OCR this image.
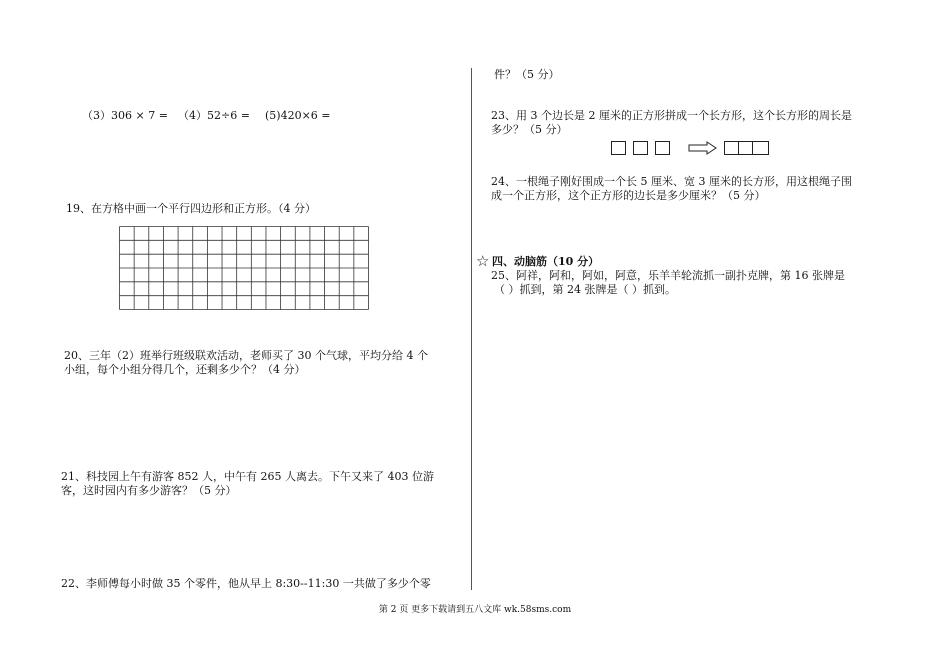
（3）306 × 7 = （4）52÷6 = (5)420×6 =
19、在方格中画一个平行四边形和正方形。（4 分）
20、三年（2）班举行班级联欢活动，老师买了 30 个气球，平均分给 4 个
小组，每个小组分得几个，还剩多少个？（4 分）
21、科技园上午有游客 852 人，中午有 265 人离去。下午又来了 403 位游
客，这时园内有多少游客？（5 分）
22、李师傅每小时做 35 个零件，他从早上 8:30--11:30 一共做了多少个零
件？（5 分）
23、用 3 个边长是 2 厘米的正方形拼成一个长方形，这个长方形的周长是
多少？（5 分）
24、一根绳子刚好围成一个长 5 厘米、宽 3 厘米的长方形，用这根绳子围
成一个正方形，这个正方形的边长是多少厘米？（5 分）
☆ 四、动脑筋（10 分）
25、阿祥，阿和，阿如，阿意，乐羊羊轮流抓一副扑克牌，第 16 张牌是
（ ）抓到，第 24 张牌是（ ）抓到。
第 2 页 更多下载请到五八文库 wk.58sms.com
